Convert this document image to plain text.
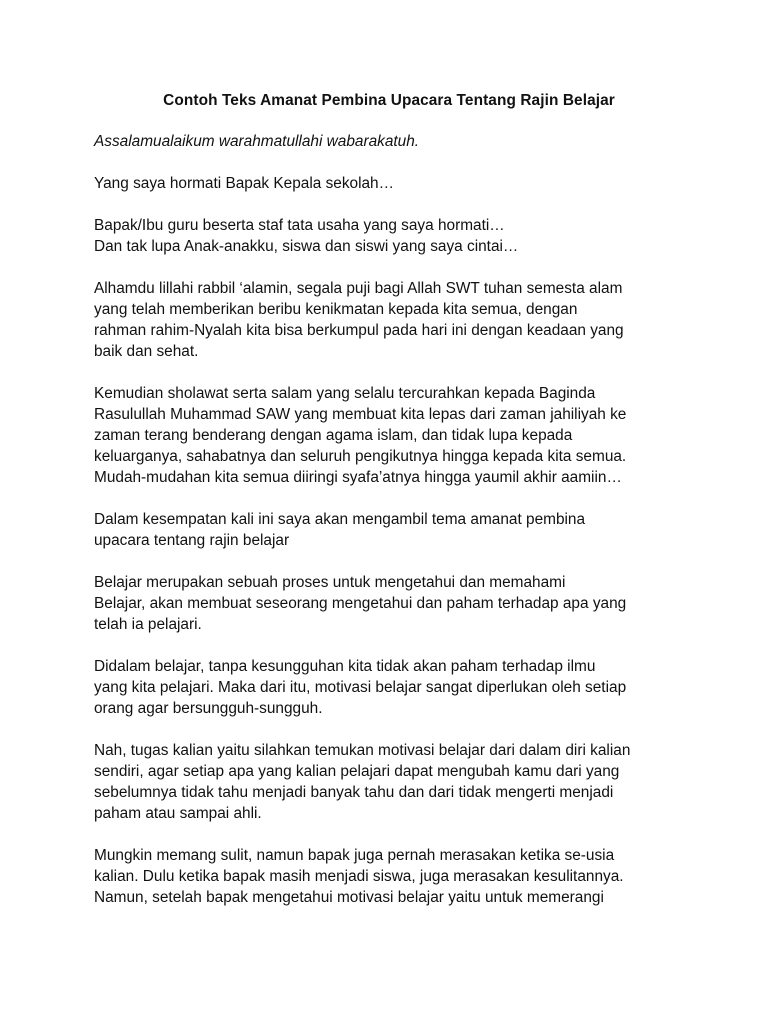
Contoh Teks Amanat Pembina Upacara Tentang Rajin Belajar
Assalamualaikum warahmatullahi wabarakatuh.
Yang saya hormati Bapak Kepala sekolah…
Bapak/Ibu guru beserta staf tata usaha yang saya hormati…
Dan tak lupa Anak-anakku, siswa dan siswi yang saya cintai…
Alhamdu lillahi rabbil ‘alamin, segala puji bagi Allah SWT tuhan semesta alam
yang telah memberikan beribu kenikmatan kepada kita semua, dengan
rahman rahim-Nyalah kita bisa berkumpul pada hari ini dengan keadaan yang
baik dan sehat.
Kemudian sholawat serta salam yang selalu tercurahkan kepada Baginda
Rasulullah Muhammad SAW yang membuat kita lepas dari zaman jahiliyah ke
zaman terang benderang dengan agama islam, dan tidak lupa kepada
keluarganya, sahabatnya dan seluruh pengikutnya hingga kepada kita semua.
Mudah-mudahan kita semua diiringi syafa’atnya hingga yaumil akhir aamiin…
Dalam kesempatan kali ini saya akan mengambil tema amanat pembina
upacara tentang rajin belajar
Belajar merupakan sebuah proses untuk mengetahui dan memahami
Belajar, akan membuat seseorang mengetahui dan paham terhadap apa yang
telah ia pelajari.
Didalam belajar, tanpa kesungguhan kita tidak akan paham terhadap ilmu
yang kita pelajari. Maka dari itu, motivasi belajar sangat diperlukan oleh setiap
orang agar bersungguh-sungguh.
Nah, tugas kalian yaitu silahkan temukan motivasi belajar dari dalam diri kalian
sendiri, agar setiap apa yang kalian pelajari dapat mengubah kamu dari yang
sebelumnya tidak tahu menjadi banyak tahu dan dari tidak mengerti menjadi
paham atau sampai ahli.
Mungkin memang sulit, namun bapak juga pernah merasakan ketika se-usia
kalian. Dulu ketika bapak masih menjadi siswa, juga merasakan kesulitannya.
Namun, setelah bapak mengetahui motivasi belajar yaitu untuk memerangi
